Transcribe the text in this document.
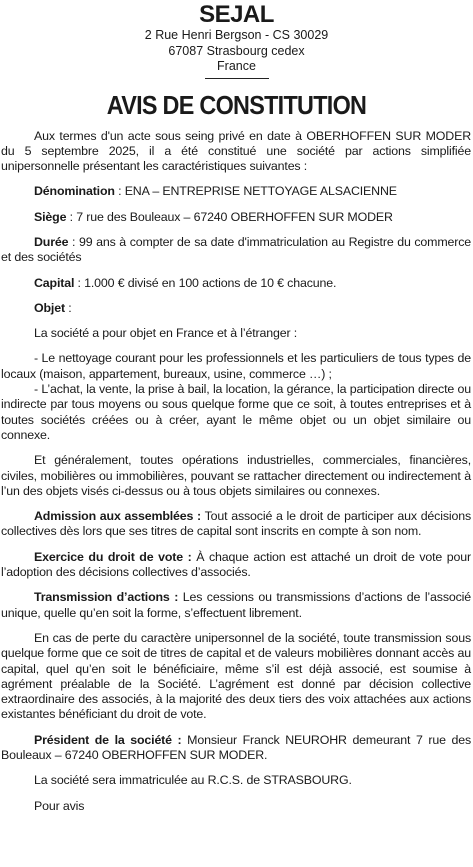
SEJAL
2 Rue Henri Bergson - CS 30029
67087 Strasbourg cedex
France
AVIS DE CONSTITUTION

Aux termes d'un acte sous seing privé en date à OBERHOFFEN SUR MODER du 5 septembre 2025, il a été constitué une société par actions simplifiée unipersonnelle présentant les caractéristiques suivantes :

Dénomination : ENA – ENTREPRISE NETTOYAGE ALSACIENNE

Siège : 7 rue des Bouleaux – 67240 OBERHOFFEN SUR MODER

Durée : 99 ans à compter de sa date d'immatriculation au Registre du commerce et des sociétés

Capital : 1.000 € divisé en 100 actions de 10 € chacune.

Objet :

La société a pour objet en France et à l’étranger :

- Le nettoyage courant pour les professionnels et les particuliers de tous types de locaux (maison, appartement, bureaux, usine, commerce …) ;

- L’achat, la vente, la prise à bail, la location, la gérance, la participation directe ou indirecte par tous moyens ou sous quelque forme que ce soit, à toutes entreprises et à toutes sociétés créées ou à créer, ayant le même objet ou un objet similaire ou connexe.

Et généralement, toutes opérations industrielles, commerciales, financières, civiles, mobilières ou immobilières, pouvant se rattacher directement ou indirectement à l’un des objets visés ci-dessus ou à tous objets similaires ou connexes.

Admission aux assemblées : Tout associé a le droit de participer aux décisions collectives dès lors que ses titres de capital sont inscrits en compte à son nom.

Exercice du droit de vote : À chaque action est attaché un droit de vote pour l’adoption des décisions collectives d’associés.

Transmission d’actions : Les cessions ou transmissions d’actions de l’associé unique, quelle qu’en soit la forme, s’effectuent librement.

En cas de perte du caractère unipersonnel de la société, toute transmission sous quelque forme que ce soit de titres de capital et de valeurs mobilières donnant accès au capital, quel qu’en soit le bénéficiaire, même s’il est déjà associé, est soumise à agrément préalable de la Société. L’agrément est donné par décision collective extraordinaire des associés, à la majorité des deux tiers des voix attachées aux actions existantes bénéficiant du droit de vote.

Président de la société : Monsieur Franck NEUROHR demeurant 7 rue des Bouleaux – 67240 OBERHOFFEN SUR MODER.

La société sera immatriculée au R.C.S. de STRASBOURG.

Pour avis
